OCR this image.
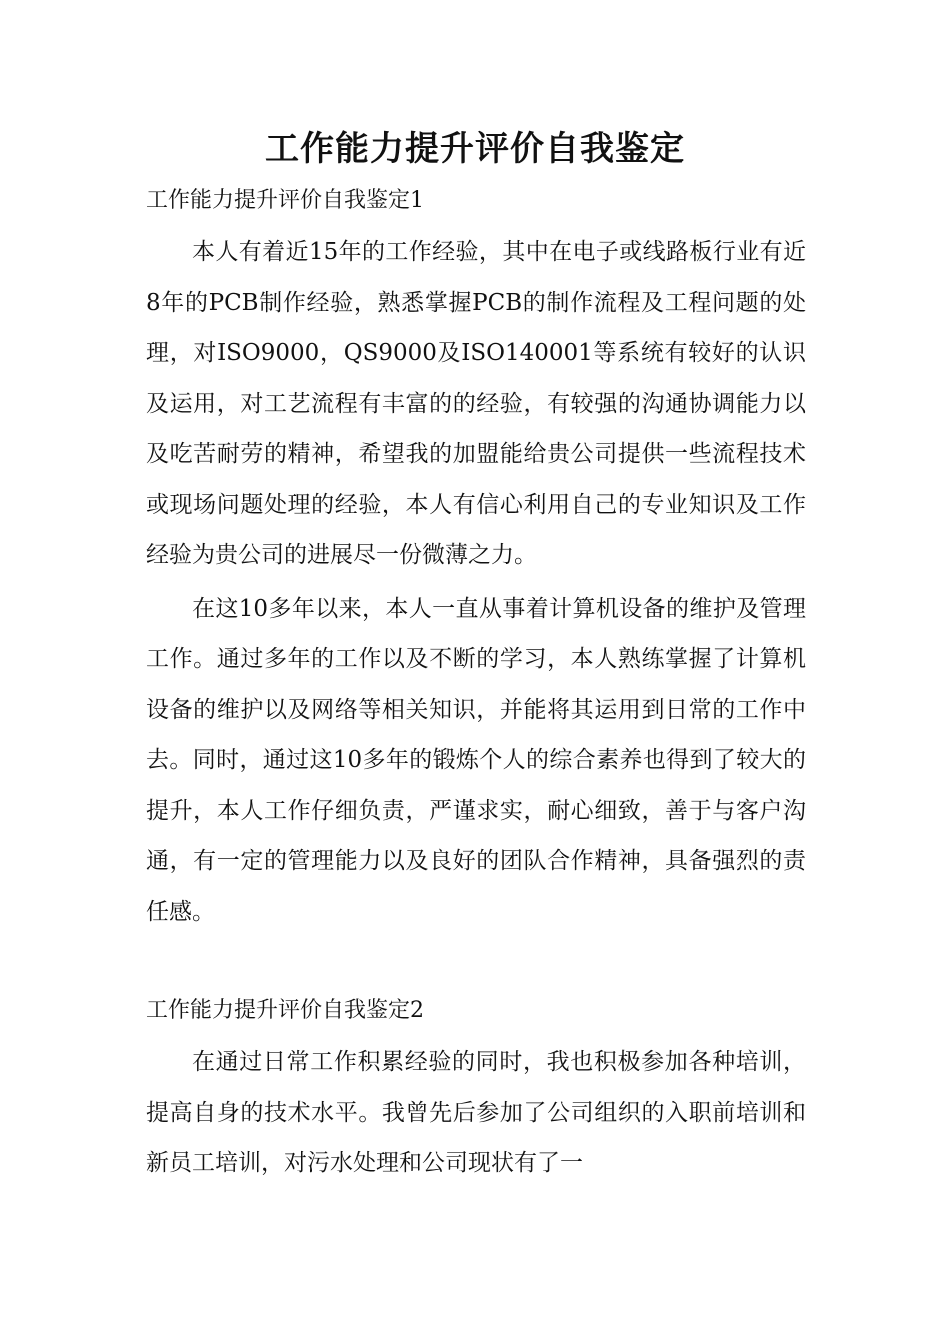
工作能力提升评价自我鉴定
工作能力提升评价自我鉴定1

本人有着近15年的工作经验，其中在电子或线路板行业有近8年的PCB制作经验，熟悉掌握PCB的制作流程及工程问题的处理，对ISO9000，QS9000及ISO140001等系统有较好的认识及运用，对工艺流程有丰富的的经验，有较强的沟通协调能力以及吃苦耐劳的精神，希望我的加盟能给贵公司提供一些流程技术或现场问题处理的经验，本人有信心利用自己的专业知识及工作经验为贵公司的进展尽一份微薄之力。

在这10多年以来，本人一直从事着计算机设备的维护及管理工作。通过多年的工作以及不断的学习，本人熟练掌握了计算机设备的维护以及网络等相关知识，并能将其运用到日常的工作中去。同时，通过这10多年的锻炼个人的综合素养也得到了较大的提升，本人工作仔细负责，严谨求实，耐心细致，善于与客户沟通，有一定的管理能力以及良好的团队合作精神，具备强烈的责任感。

工作能力提升评价自我鉴定2

在通过日常工作积累经验的同时，我也积极参加各种培训，提高自身的技术水平。我曾先后参加了公司组织的入职前培训和新员工培训，对污水处理和公司现状有了一
